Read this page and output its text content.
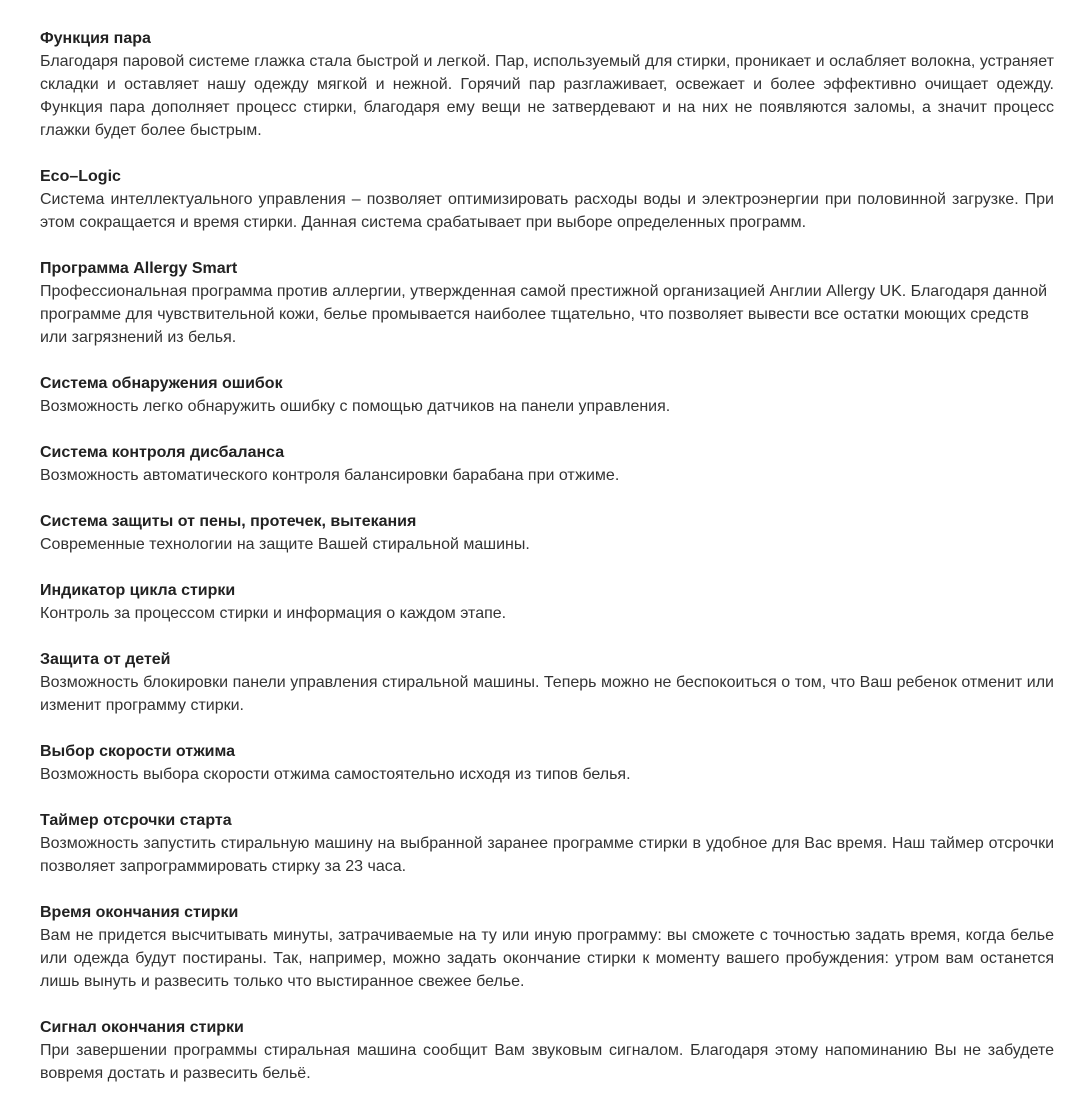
Функция пара

Благодаря паровой системе глажка стала быстрой и легкой. Пар, используемый для стирки, проникает и ослабляет волокна, устраняет складки и оставляет нашу одежду мягкой и нежной. Горячий пар разглаживает, освежает и более эффективно очищает одежду. Функция пара дополняет процесс стирки, благодаря ему вещи не затвердевают и на них не появляются заломы, а значит процесс глажки будет более быстрым.

Eco–Logic

Система интеллектуального управления – позволяет оптимизировать расходы воды и электроэнергии при половинной загрузке. При этом сокращается и время стирки. Данная система срабатывает при выборе определенных программ.

Программа Allergy Smart

Профессиональная программа против аллергии, утвержденная самой престижной организацией Англии Allergy UK. Благодаря данной программе для чувствительной кожи, белье промывается наиболее тщательно, что позволяет вывести все остатки моющих средств или загрязнений из белья.

Система обнаружения ошибок

Возможность легко обнаружить ошибку с помощью датчиков на панели управления.

Система контроля дисбаланса

Возможность автоматического контроля балансировки барабана при отжиме.

Система защиты от пены, протечек, вытекания

Современные технологии на защите Вашей стиральной машины.

Индикатор цикла стирки

Контроль за процессом стирки и информация о каждом этапе.

Защита от детей

Возможность блокировки панели управления стиральной машины. Теперь можно не беспокоиться о том, что Ваш ребенок отменит или изменит программу стирки.

Выбор скорости отжима

Возможность выбора скорости отжима самостоятельно исходя из типов белья.

Таймер отсрочки старта

Возможность запустить стиральную машину на выбранной заранее программе стирки в удобное для Вас время. Наш таймер отсрочки позволяет запрограммировать стирку за 23 часа.

Время окончания стирки

Вам не придется высчитывать минуты, затрачиваемые на ту или иную программу: вы сможете с точностью задать время, когда белье или одежда будут постираны. Так, например, можно задать окончание стирки к моменту вашего пробуждения: утром вам останется лишь вынуть и развесить только что выстиранное свежее белье.

Сигнал окончания стирки

При завершении программы стиральная машина сообщит Вам звуковым сигналом. Благодаря этому напоминанию Вы не забудете вовремя достать и развесить бельё.
